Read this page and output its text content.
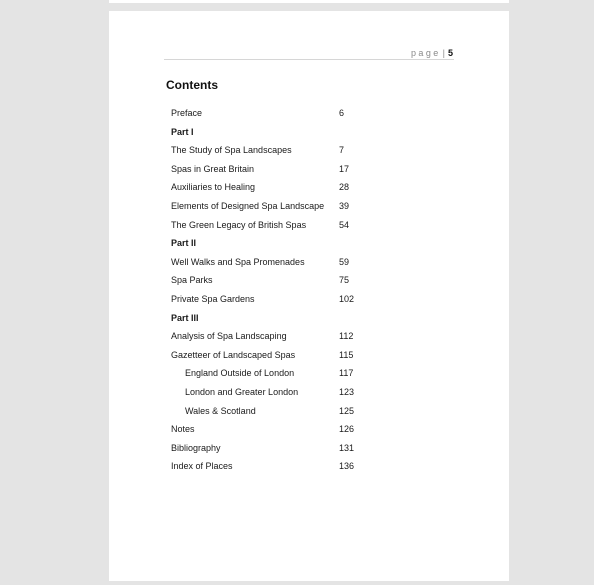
page | 5
Contents
Preface	6
Part I
The Study of Spa Landscapes	7
Spas in Great Britain	17
Auxiliaries to Healing	28
Elements of Designed Spa Landscape 39
The Green Legacy of British Spas	54
Part II
Well Walks and Spa Promenades	59
Spa Parks	75
Private Spa Gardens	102
Part III
Analysis of Spa Landscaping	112
Gazetteer of Landscaped Spas	115
England Outside of London	117
London and Greater London	123
Wales & Scotland	125
Notes	126
Bibliography	131
Index of Places	136
